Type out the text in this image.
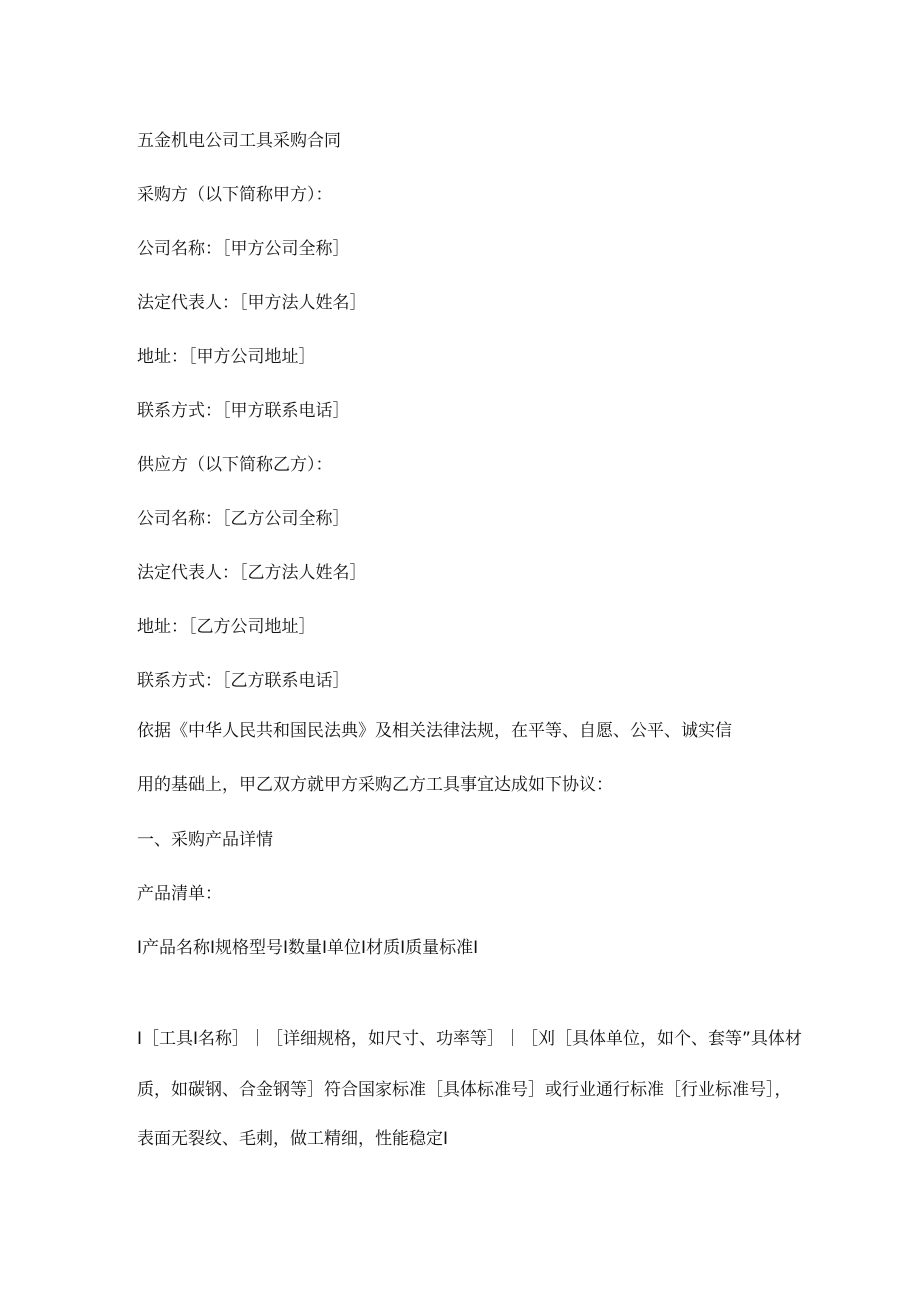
五金机电公司工具采购合同
采购方（以下简称甲方）：
公司名称：［甲方公司全称］
法定代表人：［甲方法人姓名］
地址：［甲方公司地址］
联系方式：［甲方联系电话］
供应方（以下简称乙方）：
公司名称：［乙方公司全称］
法定代表人：［乙方法人姓名］
地址：［乙方公司地址］
联系方式：［乙方联系电话］
依据《中华人民共和国民法典》及相关法律法规，在平等、自愿、公平、诚实信
用的基础上，甲乙双方就甲方采购乙方工具事宜达成如下协议：
一、采购产品详情
产品清单：
I产品名称I规格型号I数量I单位I材质I质量标准I
I［工具I名称］｜［详细规格，如尺寸、功率等］｜［刈［具体单位，如个、套等”具体材
质，如碳钢、合金钢等］符合国家标准［具体标准号］或行业通行标准［行业标准号］，
表面无裂纹、毛刺，做工精细，性能稳定I
